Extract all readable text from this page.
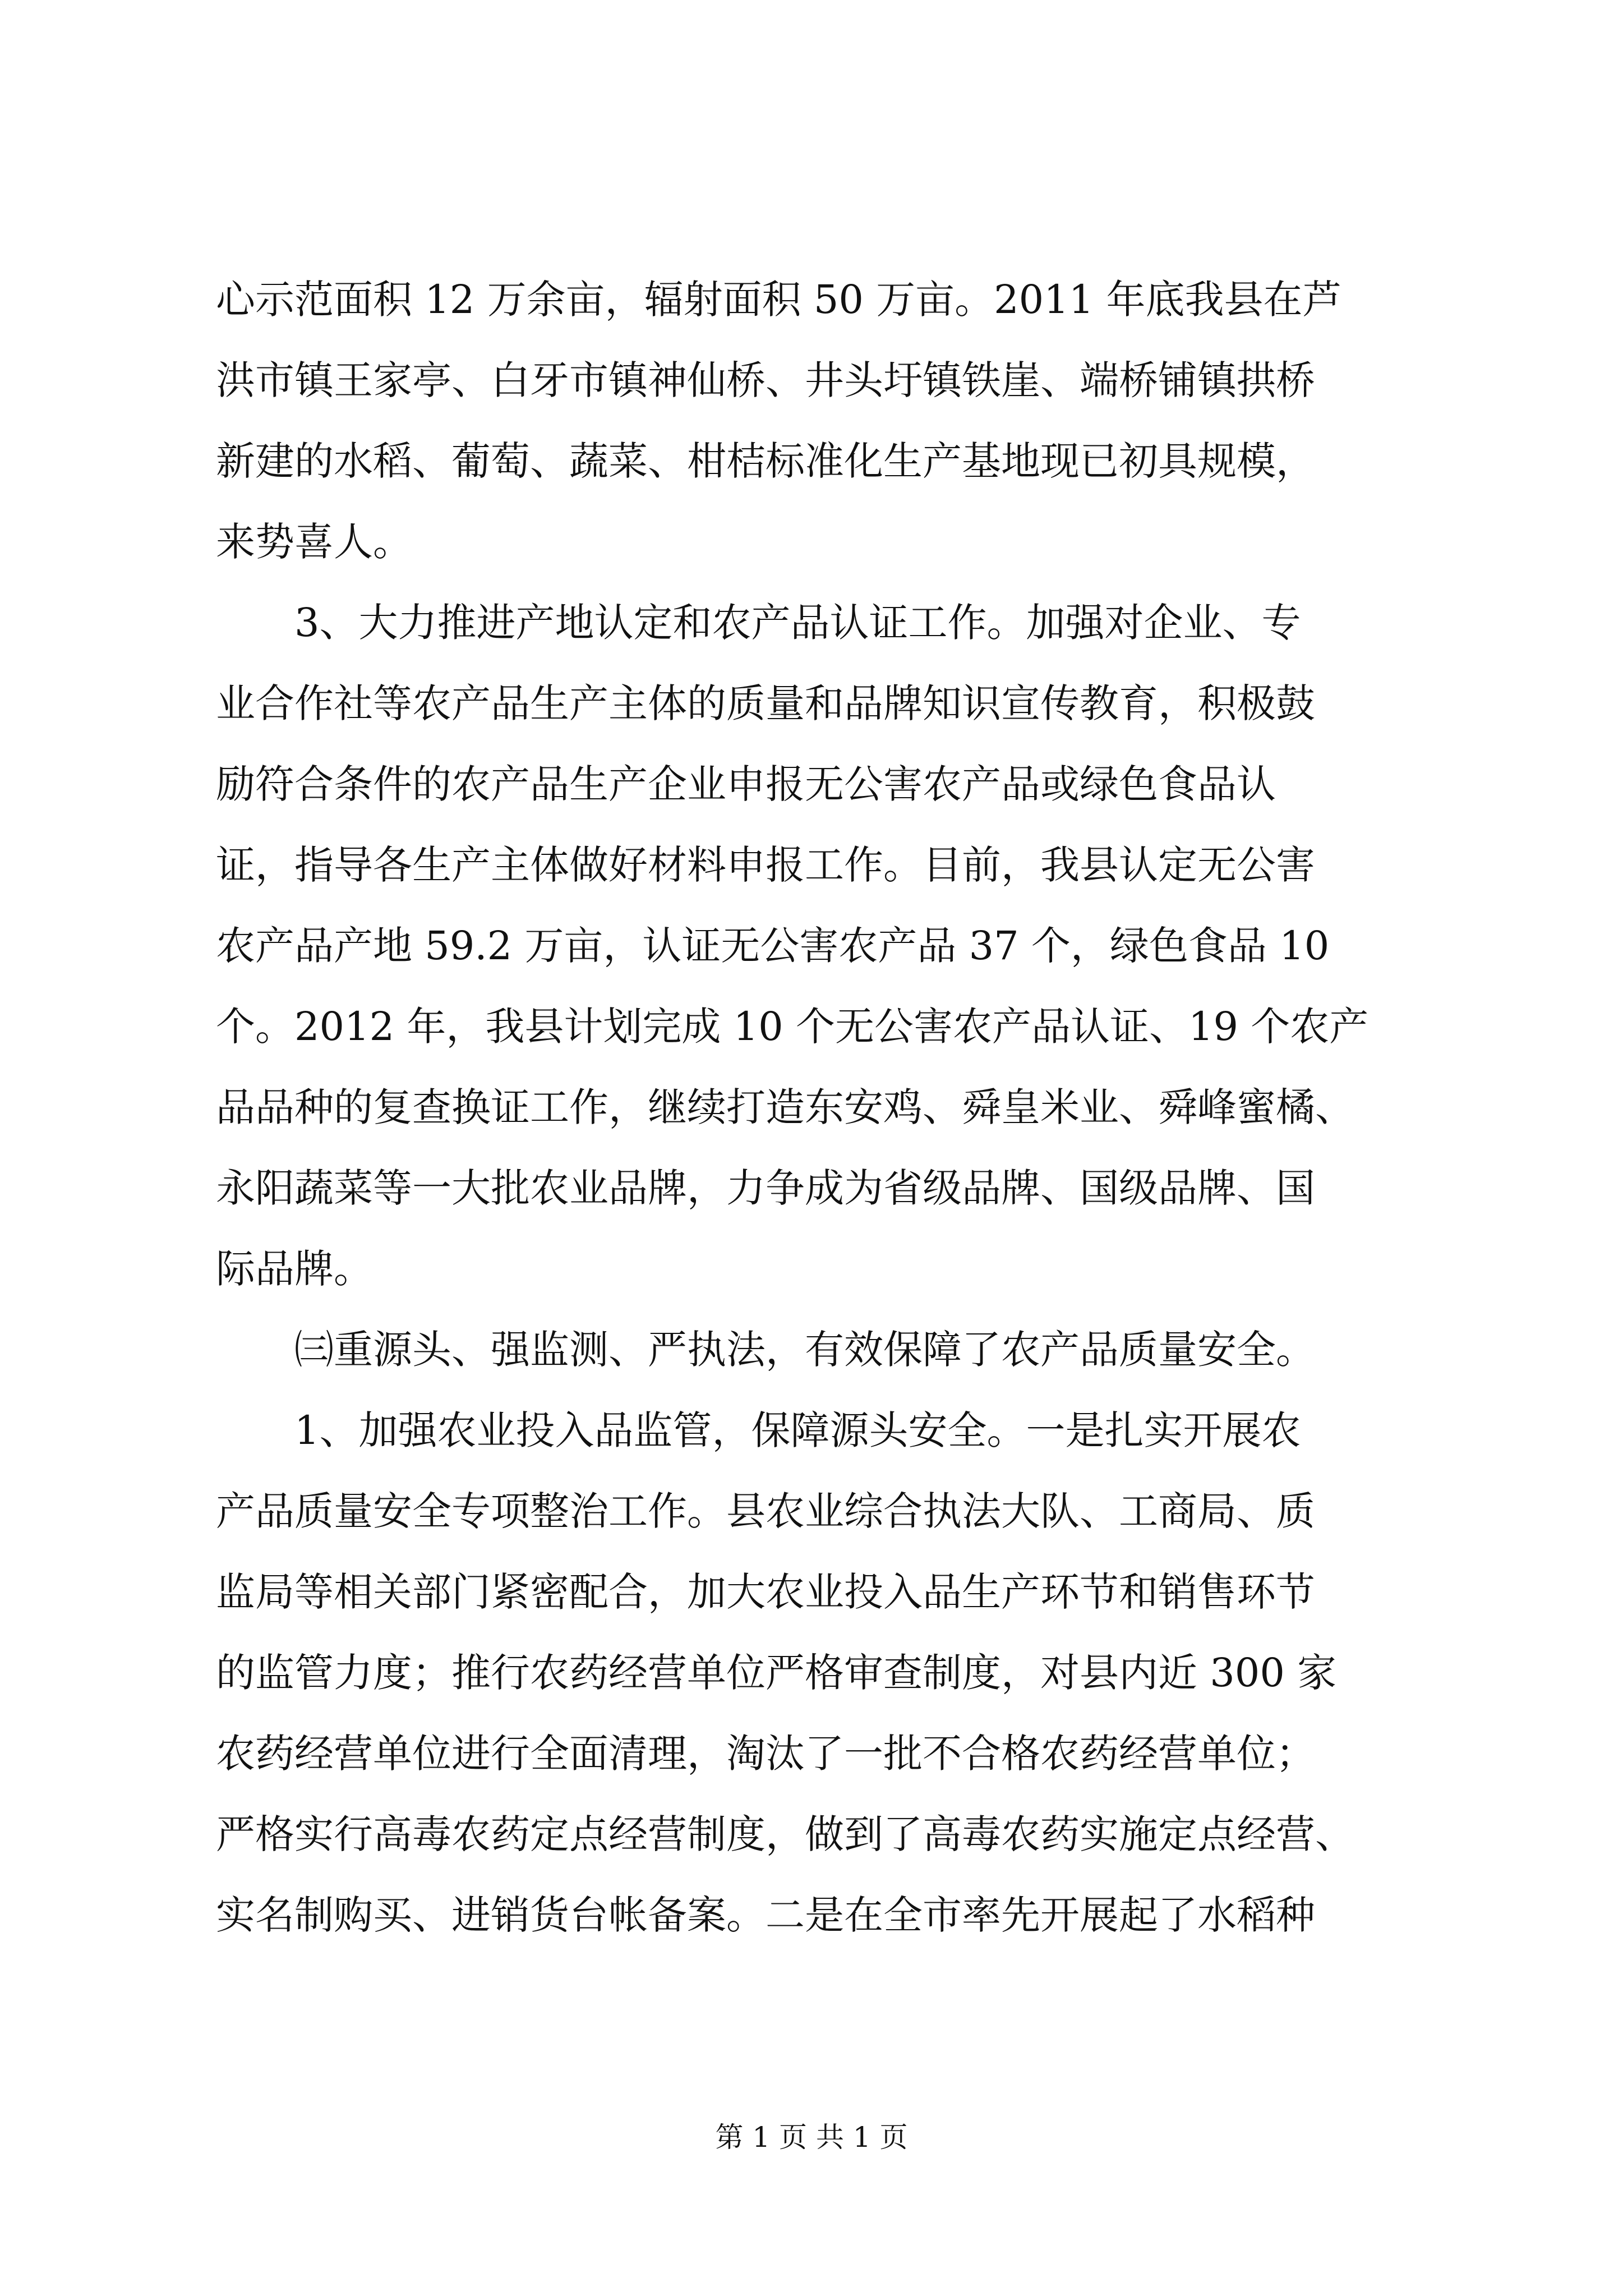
心示范面积 12 万余亩，辐射面积 50 万亩。2011 年底我县在芦
洪市镇王家亭、白牙市镇神仙桥、井头圩镇铁崖、端桥铺镇拱桥
新建的水稻、葡萄、蔬菜、柑桔标准化生产基地现已初具规模，
来势喜人。
3、大力推进产地认定和农产品认证工作。加强对企业、专
业合作社等农产品生产主体的质量和品牌知识宣传教育，积极鼓
励符合条件的农产品生产企业申报无公害农产品或绿色食品认
证，指导各生产主体做好材料申报工作。目前，我县认定无公害
农产品产地 59.2 万亩，认证无公害农产品 37 个，绿色食品 10
个。2012 年，我县计划完成 10 个无公害农产品认证、19 个农产
品品种的复查换证工作，继续打造东安鸡、舜皇米业、舜峰蜜橘、
永阳蔬菜等一大批农业品牌，力争成为省级品牌、国级品牌、国
际品牌。
㈢重源头、强监测、严执法，有效保障了农产品质量安全。
1、加强农业投入品监管，保障源头安全。一是扎实开展农
产品质量安全专项整治工作。县农业综合执法大队、工商局、质
监局等相关部门紧密配合，加大农业投入品生产环节和销售环节
的监管力度；推行农药经营单位严格审查制度，对县内近 300 家
农药经营单位进行全面清理，淘汰了一批不合格农药经营单位；
严格实行高毒农药定点经营制度，做到了高毒农药实施定点经营、
实名制购买、进销货台帐备案。二是在全市率先开展起了水稻种
第 1 页 共 1 页
